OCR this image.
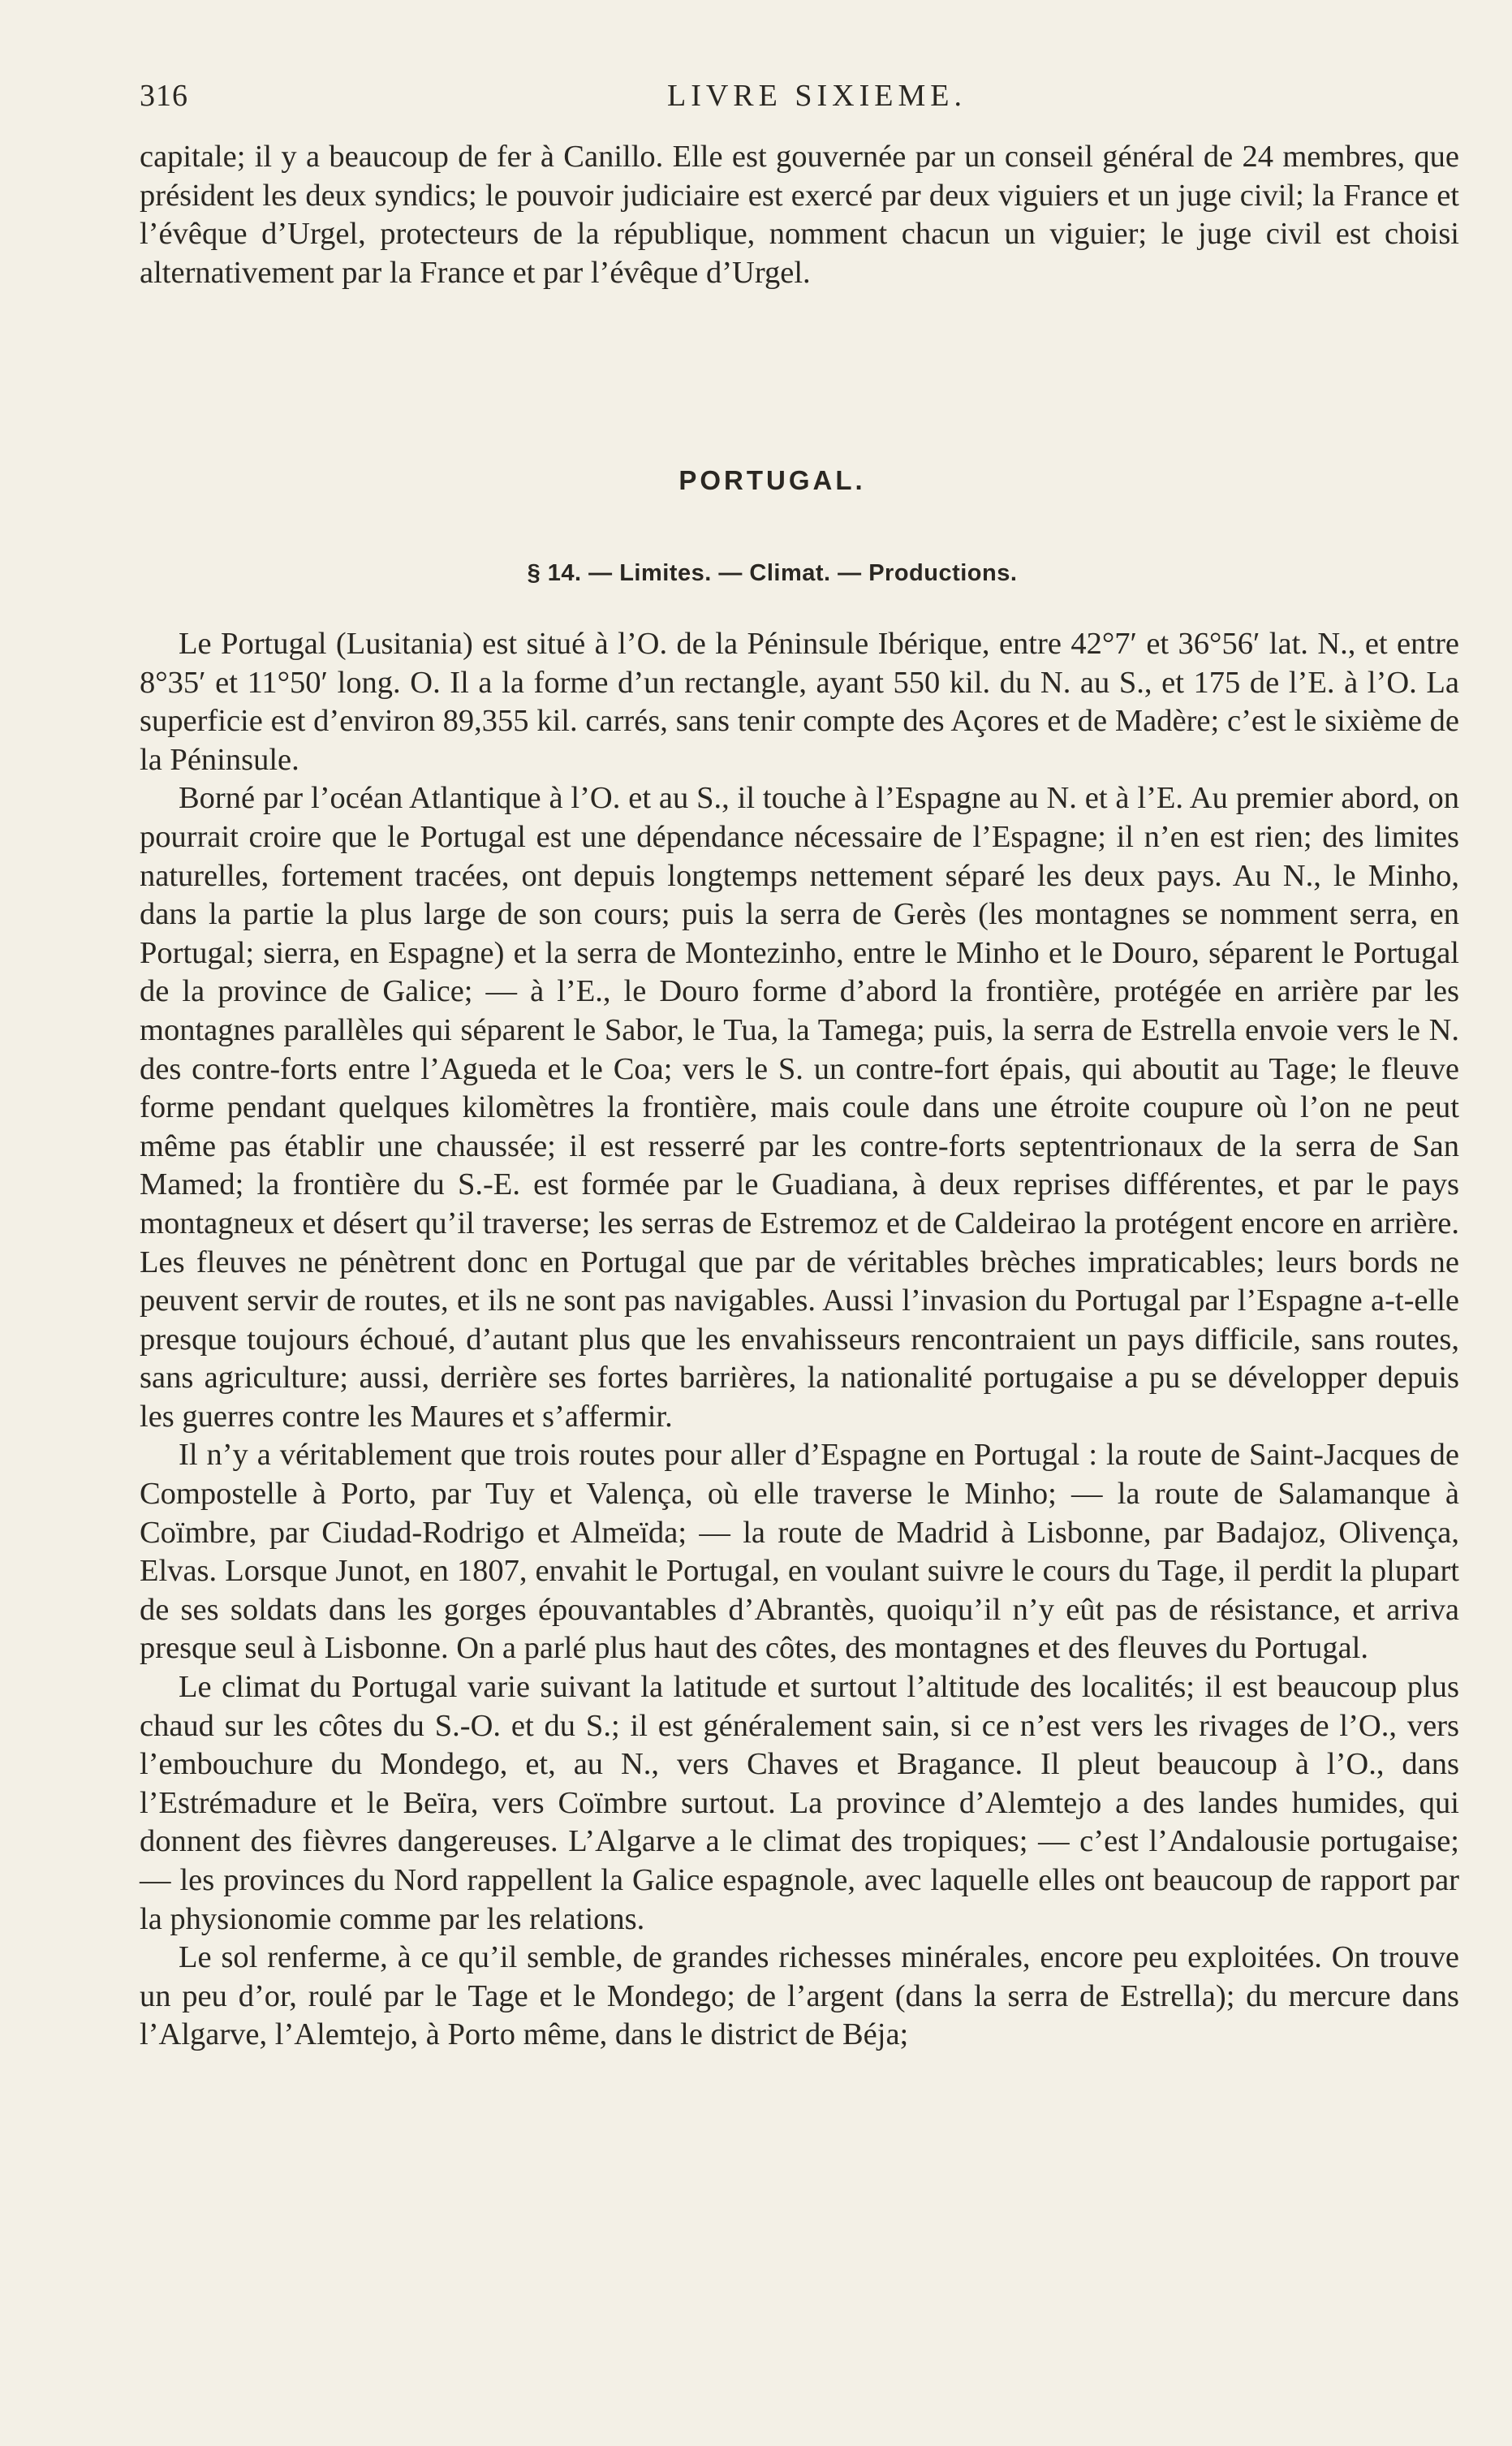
316	LIVRE SIXIEME.

capitale; il y a beaucoup de fer à Canillo. Elle est gouvernée par un conseil général de 24 membres, que président les deux syndics; le pouvoir judiciaire est exercé par deux viguiers et un juge civil; la France et l’évêque d’Urgel, protecteurs de la république, nomment chacun un viguier; le juge civil est choisi alternativement par la France et par l’évêque d’Urgel.

PORTUGAL.
§ 14. — Limites. — Climat. — Productions.

Le Portugal (Lusitania) est situé à l’O. de la Péninsule Ibérique, entre 42°7′ et 36°56′ lat. N., et entre 8°35′ et 11°50′ long. O. Il a la forme d’un rectangle, ayant 550 kil. du N. au S., et 175 de l’E. à l’O. La superficie est d’environ 89,355 kil. carrés, sans tenir compte des Açores et de Madère; c’est le sixième de la Péninsule.

Borné par l’océan Atlantique à l’O. et au S., il touche à l’Espagne au N. et à l’E. Au premier abord, on pourrait croire que le Portugal est une dépendance nécessaire de l’Espagne; il n’en est rien; des limites naturelles, fortement tracées, ont depuis longtemps nettement séparé les deux pays. Au N., le Minho, dans la partie la plus large de son cours; puis la serra de Gerès (les montagnes se nomment serra, en Portugal; sierra, en Espagne) et la serra de Montezinho, entre le Minho et le Douro, séparent le Portugal de la province de Galice; — à l’E., le Douro forme d’abord la frontière, protégée en arrière par les montagnes parallèles qui séparent le Sabor, le Tua, la Tamega; puis, la serra de Estrella envoie vers le N. des contre-forts entre l’Agueda et le Coa; vers le S. un contre-fort épais, qui aboutit au Tage; le fleuve forme pendant quelques kilomètres la frontière, mais coule dans une étroite coupure où l’on ne peut même pas établir une chaussée; il est resserré par les contre-forts septentrionaux de la serra de San Mamed; la frontière du S.-E. est formée par le Guadiana, à deux reprises différentes, et par le pays montagneux et désert qu’il traverse; les serras de Estremoz et de Caldeirao la protégent encore en arrière. Les fleuves ne pénètrent donc en Portugal que par de véritables brèches impraticables; leurs bords ne peuvent servir de routes, et ils ne sont pas navigables. Aussi l’invasion du Portugal par l’Espagne a-t-elle presque toujours échoué, d’autant plus que les envahisseurs rencontraient un pays difficile, sans routes, sans agriculture; aussi, derrière ses fortes barrières, la nationalité portugaise a pu se développer depuis les guerres contre les Maures et s’affermir.

Il n’y a véritablement que trois routes pour aller d’Espagne en Portugal : la route de Saint-Jacques de Compostelle à Porto, par Tuy et Valença, où elle traverse le Minho; — la route de Salamanque à Coïmbre, par Ciudad-Rodrigo et Almeïda; — la route de Madrid à Lisbonne, par Badajoz, Olivença, Elvas. Lorsque Junot, en 1807, envahit le Portugal, en voulant suivre le cours du Tage, il perdit la plupart de ses soldats dans les gorges épouvantables d’Abrantès, quoiqu’il n’y eût pas de résistance, et arriva presque seul à Lisbonne. On a parlé plus haut des côtes, des montagnes et des fleuves du Portugal.

Le climat du Portugal varie suivant la latitude et surtout l’altitude des localités; il est beaucoup plus chaud sur les côtes du S.-O. et du S.; il est généralement sain, si ce n’est vers les rivages de l’O., vers l’embouchure du Mondego, et, au N., vers Chaves et Bragance. Il pleut beaucoup à l’O., dans l’Estrémadure et le Beïra, vers Coïmbre surtout. La province d’Alemtejo a des landes humides, qui donnent des fièvres dangereuses. L’Algarve a le climat des tropiques; — c’est l’Andalousie portugaise; — les provinces du Nord rappellent la Galice espagnole, avec laquelle elles ont beaucoup de rapport par la physionomie comme par les relations.

Le sol renferme, à ce qu’il semble, de grandes richesses minérales, encore peu exploitées. On trouve un peu d’or, roulé par le Tage et le Mondego; de l’argent (dans la serra de Estrella); du mercure dans l’Algarve, l’Alemtejo, à Porto même, dans le district de Béja;
